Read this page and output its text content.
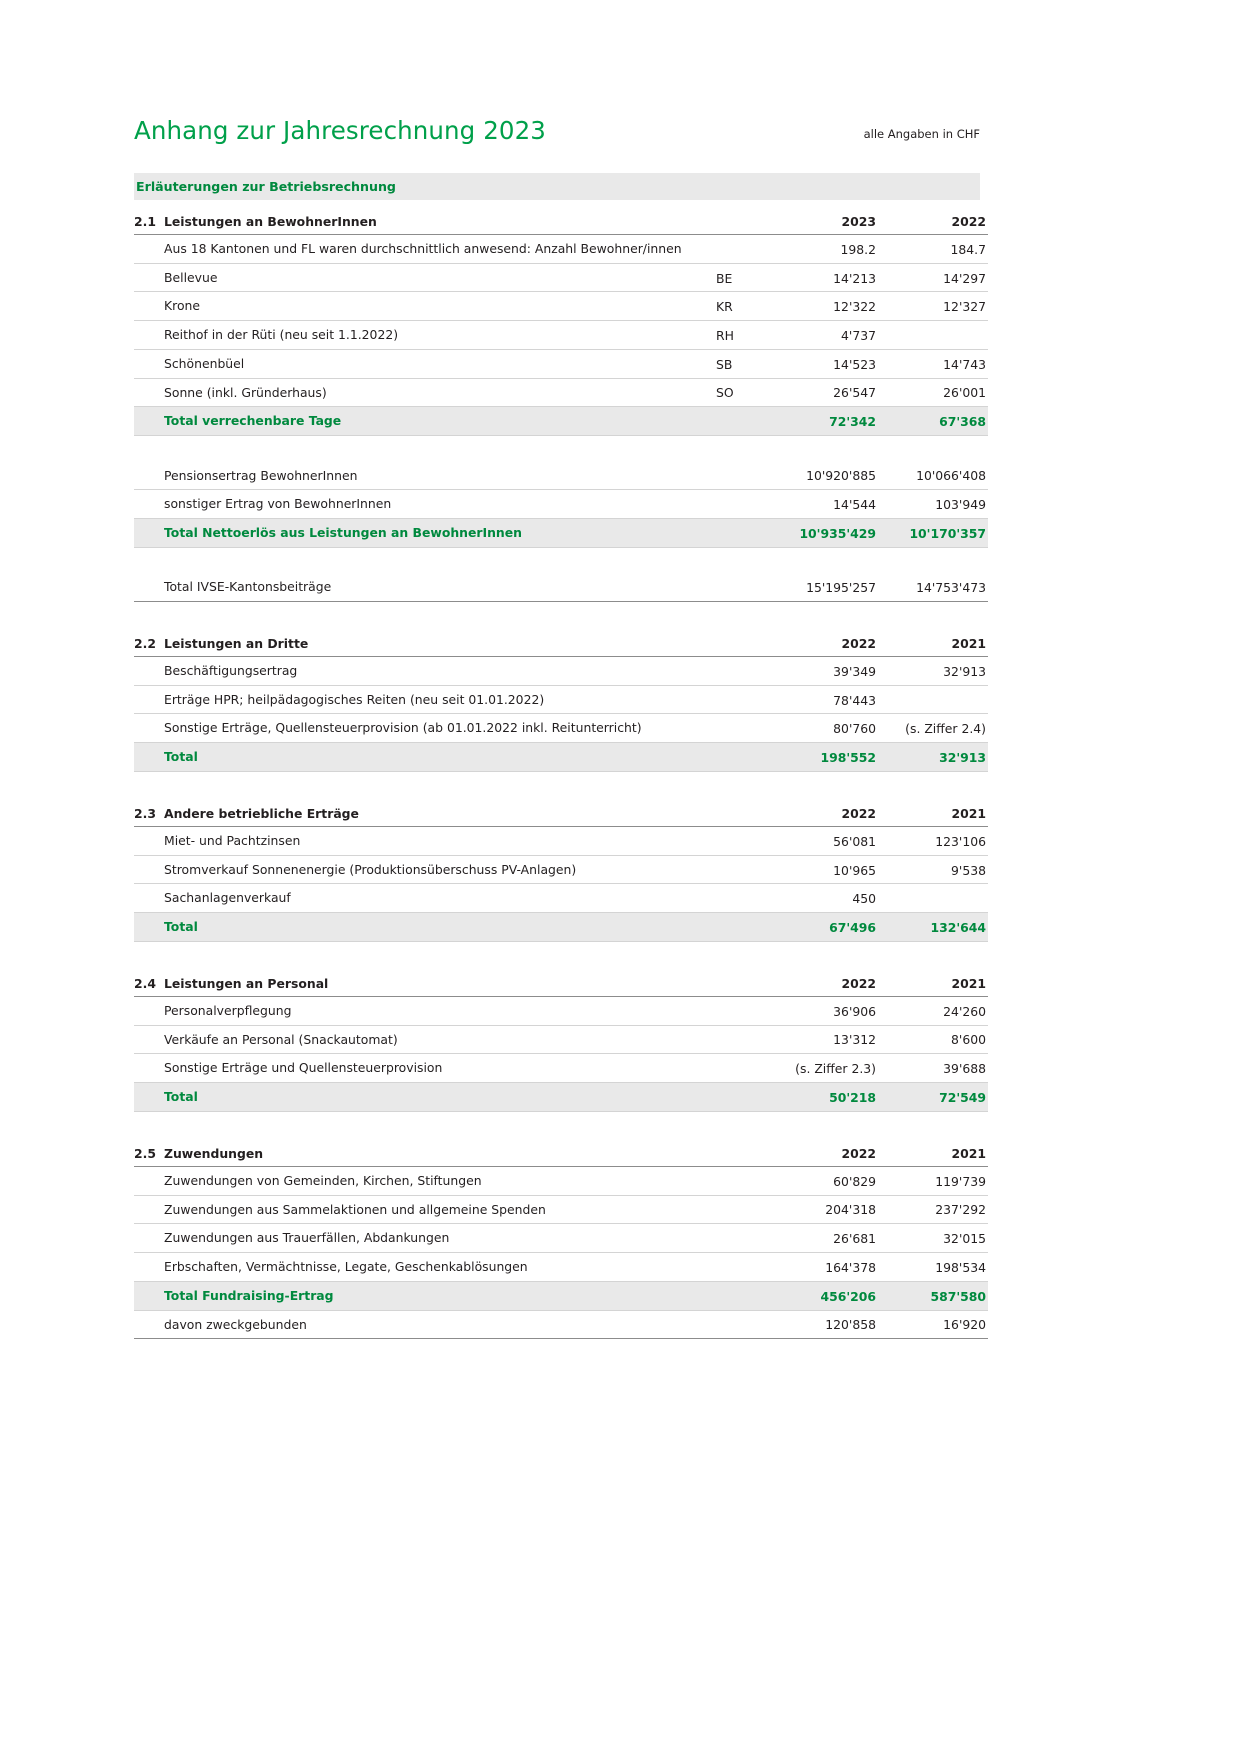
Anhang zur Jahresrechnung 2023	alle Angaben in CHF
Erläuterungen zur Betriebsrechnung
2.1 Leistungen an BewohnerInnen		2023	2022
Aus 18 Kantonen und FL waren durchschnittlich anwesend: Anzahl Bewohner/innen		198.2	184.7
Bellevue	BE	14'213	14'297
Krone	KR	12'322	12'327
Reithof in der Rüti (neu seit 1.1.2022)	RH	4'737	
Schönenbüel	SB	14'523	14'743
Sonne (inkl. Gründerhaus)	SO	26'547	26'001
Total verrechenbare Tage		72'342	67'368

Pensionsertrag BewohnerInnen		10'920'885	10'066'408
sonstiger Ertrag von BewohnerInnen		14'544	103'949
Total Nettoerlös aus Leistungen an BewohnerInnen		10'935'429	10'170'357

Total IVSE-Kantonsbeiträge		15'195'257	14'753'473
2.2 Leistungen an Dritte		2022	2021
Beschäftigungsertrag		39'349	32'913
Erträge HPR; heilpädagogisches Reiten (neu seit 01.01.2022)		78'443	
Sonstige Erträge, Quellensteuerprovision (ab 01.01.2022 inkl. Reitunterricht)		80'760	(s. Ziffer 2.4)
Total		198'552	32'913
2.3 Andere betriebliche Erträge		2022	2021
Miet- und Pachtzinsen		56'081	123'106
Stromverkauf Sonnenenergie (Produktionsüberschuss PV-Anlagen)		10'965	9'538
Sachanlagenverkauf		450	
Total		67'496	132'644
2.4 Leistungen an Personal		2022	2021
Personalverpflegung		36'906	24'260
Verkäufe an Personal (Snackautomat)		13'312	8'600
Sonstige Erträge und Quellensteuerprovision		(s. Ziffer 2.3)	39'688
Total		50'218	72'549
2.5 Zuwendungen		2022	2021
Zuwendungen von Gemeinden, Kirchen, Stiftungen		60'829	119'739
Zuwendungen aus Sammelaktionen und allgemeine Spenden		204'318	237'292
Zuwendungen aus Trauerfällen, Abdankungen		26'681	32'015
Erbschaften, Vermächtnisse, Legate, Geschenkablösungen		164'378	198'534
Total Fundraising-Ertrag		456'206	587'580
davon zweckgebunden		120'858	16'920
